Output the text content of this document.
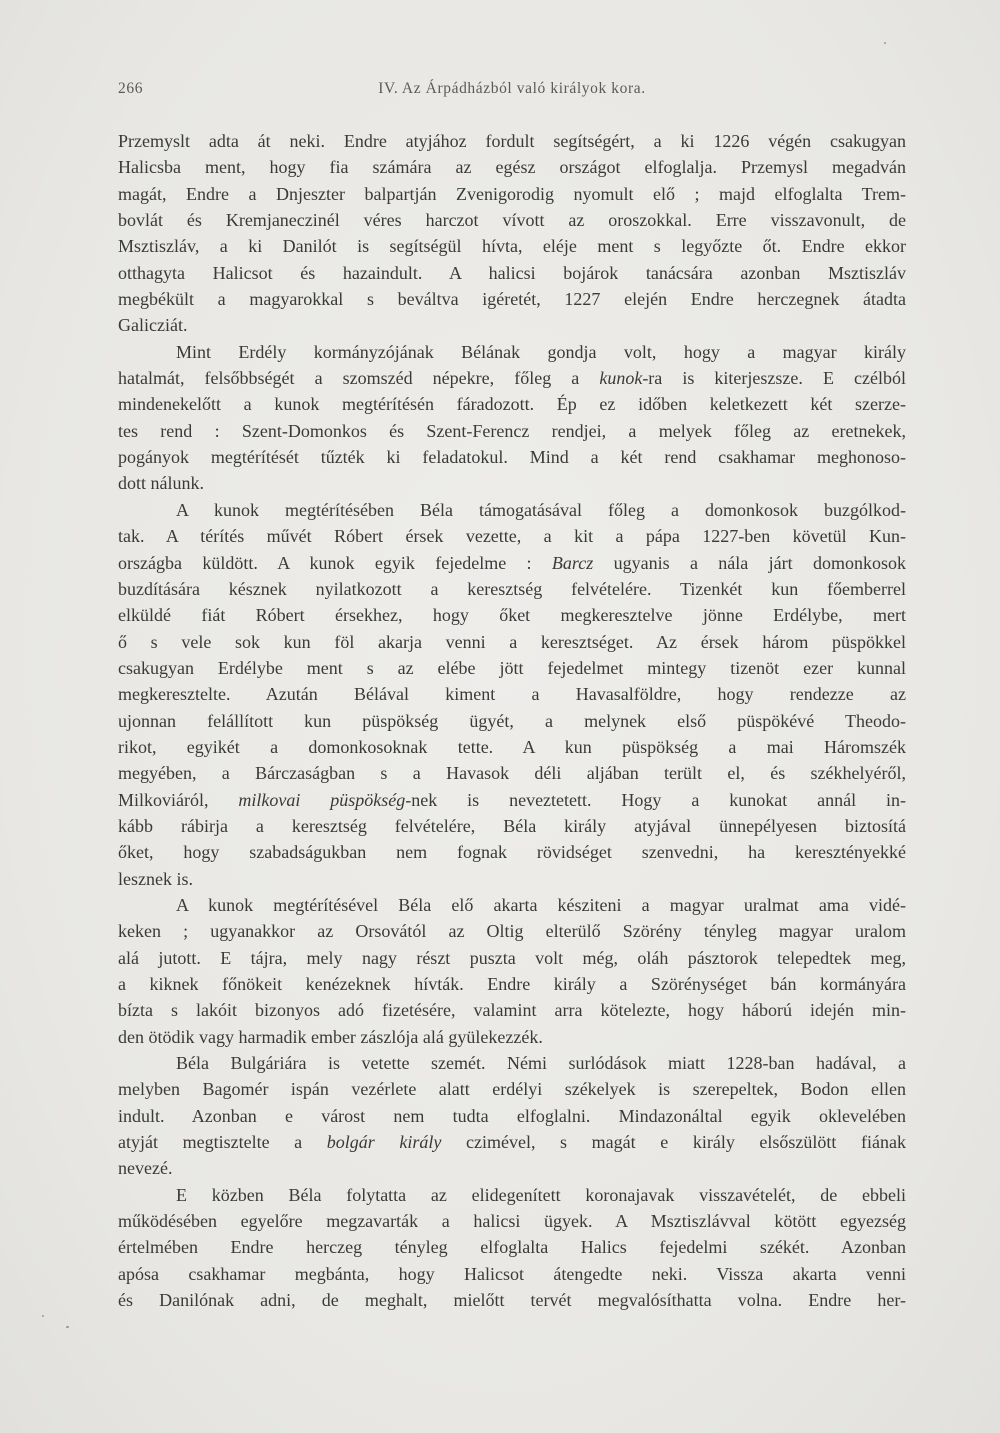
266	IV. Az Árpádházból való királyok kora.
Przemyslt adta át neki. Endre atyjához fordult segítségért, a ki 1226 végén csakugyan
Halicsba ment, hogy fia számára az egész országot elfoglalja. Przemysl megadván
magát, Endre a Dnjeszter balpartján Zvenigorodig nyomult elő ; majd elfoglalta Trem-
bovlát és Kremjaneczinél véres harczot vívott az oroszokkal. Erre visszavonult, de
Msztiszláv, a ki Danilót is segítségül hívta, eléje ment s legyőzte őt. Endre ekkor
otthagyta Halicsot és hazaindult. A halicsi bojárok tanácsára azonban Msztiszláv
megbékült a magyarokkal s beváltva igéretét, 1227 elején Endre herczegnek átadta
Galicziát.
Mint Erdély kormányzójának Bélának gondja volt, hogy a magyar király
hatalmát, felsőbbségét a szomszéd népekre, főleg a kunok-ra is kiterjeszsze. E czélból
mindenekelőtt a kunok megtérítésén fáradozott. Ép ez időben keletkezett két szerze-
tes rend : Szent-Domonkos és Szent-Ferencz rendjei, a melyek főleg az eretnekek,
pogányok megtérítését tűzték ki feladatokul. Mind a két rend csakhamar meghonoso-
dott nálunk.
A kunok megtérítésében Béla támogatásával főleg a domonkosok buzgólkod-
tak. A térítés művét Róbert érsek vezette, a kit a pápa 1227-ben követül Kun-
országba küldött. A kunok egyik fejedelme : Barcz ugyanis a nála járt domonkosok
buzdítására késznek nyilatkozott a keresztség felvételére. Tizenkét kun főemberrel
elküldé fiát Róbert érsekhez, hogy őket megkeresztelve jönne Erdélybe, mert
ő s vele sok kun föl akarja venni a keresztséget. Az érsek három püspökkel
csakugyan Erdélybe ment s az elébe jött fejedelmet mintegy tizenöt ezer kunnal
megkeresztelte. Azután Bélával kiment a Havasalföldre, hogy rendezze az
ujonnan felállított kun püspökség ügyét, a melynek első püspökévé Theodo-
rikot, egyikét a domonkosoknak tette. A kun püspökség a mai Háromszék
megyében, a Bárczaságban s a Havasok déli aljában terült el, és székhelyéről,
Milkoviáról, milkovai püspökség-nek is neveztetett. Hogy a kunokat annál in-
kább rábirja a keresztség felvételére, Béla király atyjával ünnepélyesen biztosítá
őket, hogy szabadságukban nem fognak rövidséget szenvedni, ha keresztényekké
lesznek is.
A kunok megtérítésével Béla elő akarta késziteni a magyar uralmat ama vidé-
keken ; ugyanakkor az Orsovától az Oltig elterülő Szörény tényleg magyar uralom
alá jutott. E tájra, mely nagy részt puszta volt még, oláh pásztorok telepedtek meg,
a kiknek főnökeit kenézeknek hívták. Endre király a Szörénységet bán kormányára
bízta s lakóit bizonyos adó fizetésére, valamint arra kötelezte, hogy háború idején min-
den ötödik vagy harmadik ember zászlója alá gyülekezzék.
Béla Bulgáriára is vetette szemét. Némi surlódások miatt 1228-ban hadával, a
melyben Bagomér ispán vezérlete alatt erdélyi székelyek is szerepeltek, Bodon ellen
indult. Azonban e várost nem tudta elfoglalni. Mindazonáltal egyik oklevelében
atyját megtisztelte a bolgár király czimével, s magát e király elsőszülött fiának
nevezé.
E közben Béla folytatta az elidegenített koronajavak visszavételét, de ebbeli
működésében egyelőre megzavarták a halicsi ügyek. A Msztiszlávval kötött egyezség
értelmében Endre herczeg tényleg elfoglalta Halics fejedelmi székét. Azonban
apósa csakhamar megbánta, hogy Halicsot átengedte neki. Vissza akarta venni
és Danilónak adni, de meghalt, mielőtt tervét megvalósíthatta volna. Endre her-
